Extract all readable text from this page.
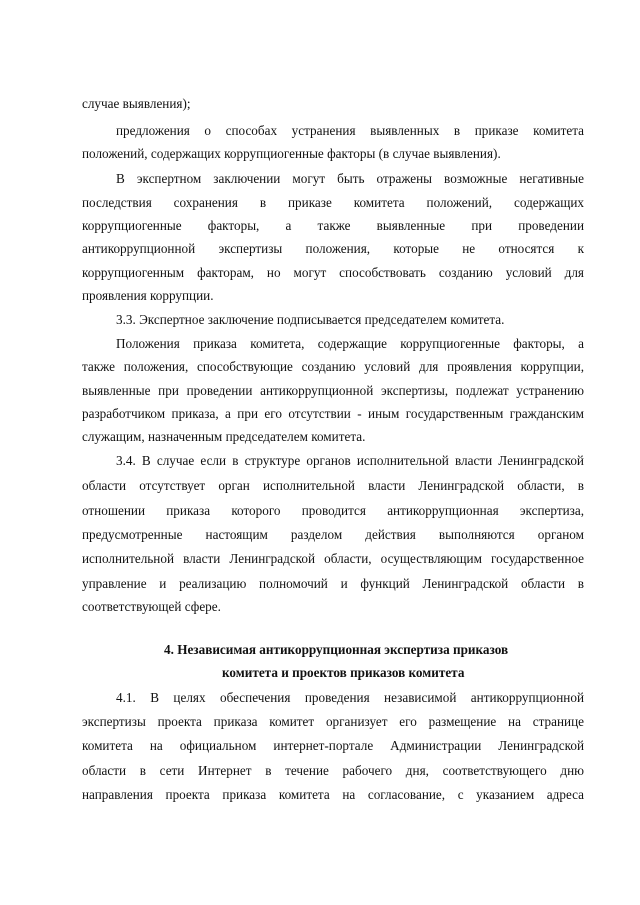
случае выявления);
предложения о способах устранения выявленных в приказе комитета
положений, содержащих коррупциогенные факторы (в случае выявления).
В экспертном заключении могут быть отражены возможные негативные
последствия сохранения в приказе комитета положений, содержащих
коррупциогенные факторы, а также выявленные при проведении
антикоррупционной экспертизы положения, которые не относятся к
коррупциогенным факторам, но могут способствовать созданию условий для
проявления коррупции.
3.3. Экспертное заключение подписывается председателем комитета.
Положения приказа комитета, содержащие коррупциогенные факторы, а
также положения, способствующие созданию условий для проявления коррупции,
выявленные при проведении антикоррупционной экспертизы, подлежат устранению
разработчиком приказа, а при его отсутствии - иным государственным гражданским
служащим, назначенным председателем комитета.
3.4. В случае если в структуре органов исполнительной власти Ленинградской
области отсутствует орган исполнительной власти Ленинградской области, в
отношении приказа которого проводится антикоррупционная экспертиза,
предусмотренные настоящим разделом действия выполняются органом
исполнительной власти Ленинградской области, осуществляющим государственное
управление и реализацию полномочий и функций Ленинградской области в
соответствующей сфере.
4. Независимая антикоррупционная экспертиза приказов
комитета и проектов приказов комитета
4.1. В целях обеспечения проведения независимой антикоррупционной
экспертизы проекта приказа комитет организует его размещение на странице
комитета на официальном интернет-портале Администрации Ленинградской
области в сети Интернет в течение рабочего дня, соответствующего дню
направления проекта приказа комитета на согласование, с указанием адреса
